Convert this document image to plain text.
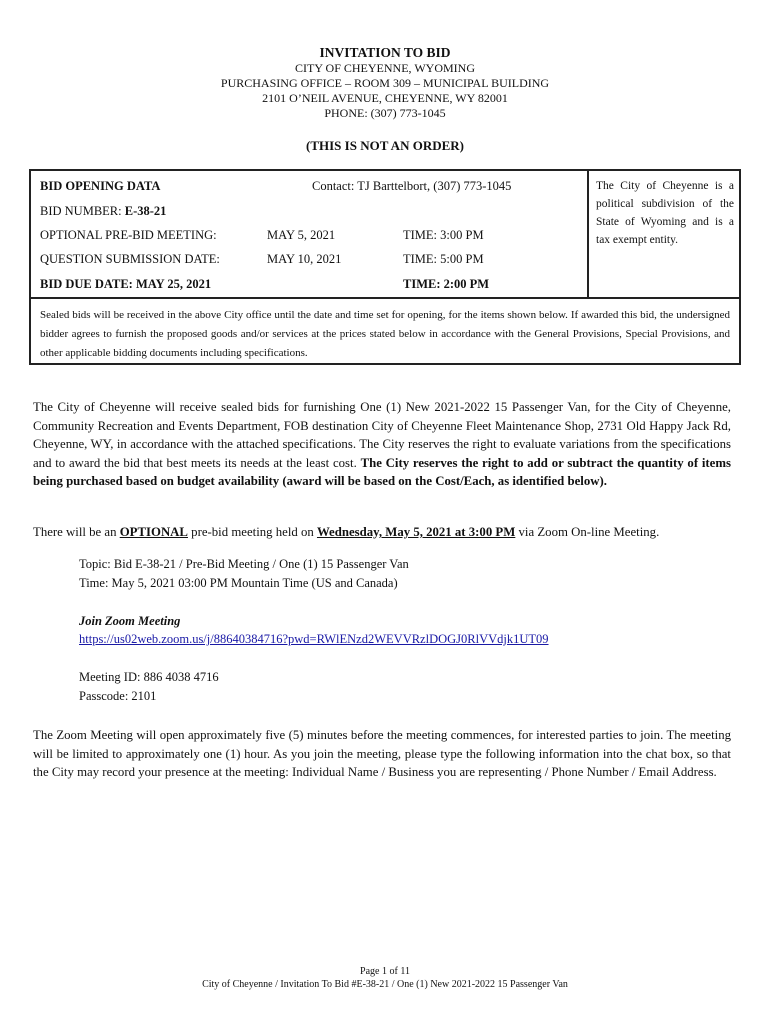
INVITATION TO BID
CITY OF CHEYENNE, WYOMING
PURCHASING OFFICE – ROOM 309 – MUNICIPAL BUILDING
2101 O’NEIL AVENUE, CHEYENNE, WY 82001
PHONE: (307) 773-1045
(THIS IS NOT AN ORDER)
BID OPENING DATA	Contact: TJ Barttelbort, (307) 773-1045
BID NUMBER: E-38-21
OPTIONAL PRE-BID MEETING:	MAY 5, 2021	TIME: 3:00 PM
QUESTION SUBMISSION DATE:	MAY 10, 2021	TIME: 5:00 PM
BID DUE DATE: MAY 25, 2021	TIME: 2:00 PM
The City of Cheyenne is a political subdivision of the State of Wyoming and is a tax exempt entity.
Sealed bids will be received in the above City office until the date and time set for opening, for the items shown below. If awarded this bid, the undersigned bidder agrees to furnish the proposed goods and/or services at the prices stated below in accordance with the General Provisions, Special Provisions, and other applicable bidding documents including specifications.
The City of Cheyenne will receive sealed bids for furnishing One (1) New 2021-2022 15 Passenger Van, for the City of Cheyenne, Community Recreation and Events Department, FOB destination City of Cheyenne Fleet Maintenance Shop, 2731 Old Happy Jack Rd, Cheyenne, WY, in accordance with the attached specifications. The City reserves the right to evaluate variations from the specifications and to award the bid that best meets its needs at the least cost. The City reserves the right to add or subtract the quantity of items being purchased based on budget availability (award will be based on the Cost/Each, as identified below).
There will be an OPTIONAL pre-bid meeting held on Wednesday, May 5, 2021 at 3:00 PM via Zoom On-line Meeting.
Topic: Bid E-38-21 / Pre-Bid Meeting / One (1) 15 Passenger Van
Time: May 5, 2021 03:00 PM Mountain Time (US and Canada)
Join Zoom Meeting
https://us02web.zoom.us/j/88640384716?pwd=RWlENzd2WEVVRzlDOGJ0RlVVdjk1UT09
Meeting ID: 886 4038 4716
Passcode: 2101
The Zoom Meeting will open approximately five (5) minutes before the meeting commences, for interested parties to join. The meeting will be limited to approximately one (1) hour. As you join the meeting, please type the following information into the chat box, so that the City may record your presence at the meeting: Individual Name / Business you are representing / Phone Number / Email Address.
Page 1 of 11
City of Cheyenne / Invitation To Bid #E-38-21 / One (1) New 2021-2022 15 Passenger Van
